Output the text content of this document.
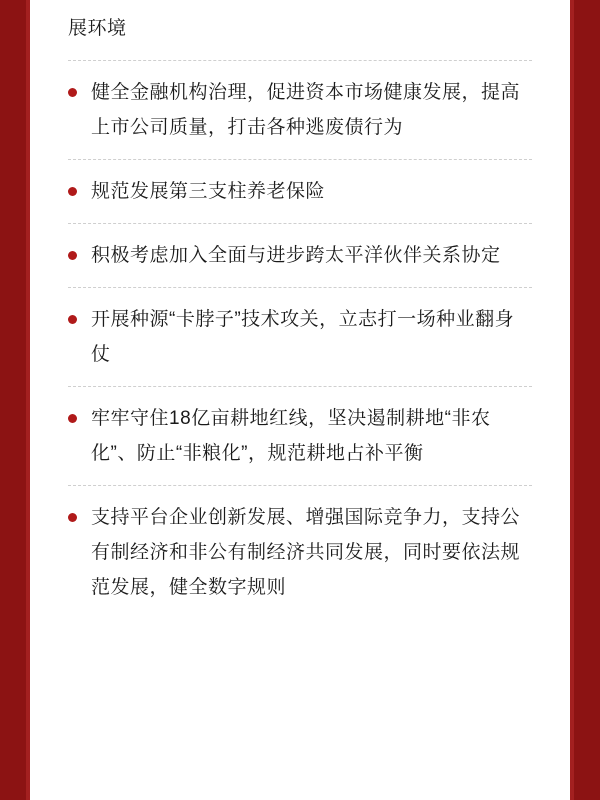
展环境
健全金融机构治理，促进资本市场健康发展，提高上市公司质量，打击各种逃废债行为
规范发展第三支柱养老保险
积极考虑加入全面与进步跨太平洋伙伴关系协定
开展种源“卡脖子”技术攻关，立志打一场种业翻身仗
牢牢守住18亿亩耕地红线，坚决遏制耕地“非农化”、防止“非粮化”，规范耕地占补平衡
支持平台企业创新发展、增强国际竞争力，支持公有制经济和非公有制经济共同发展，同时要依法规范发展，健全数字规则
